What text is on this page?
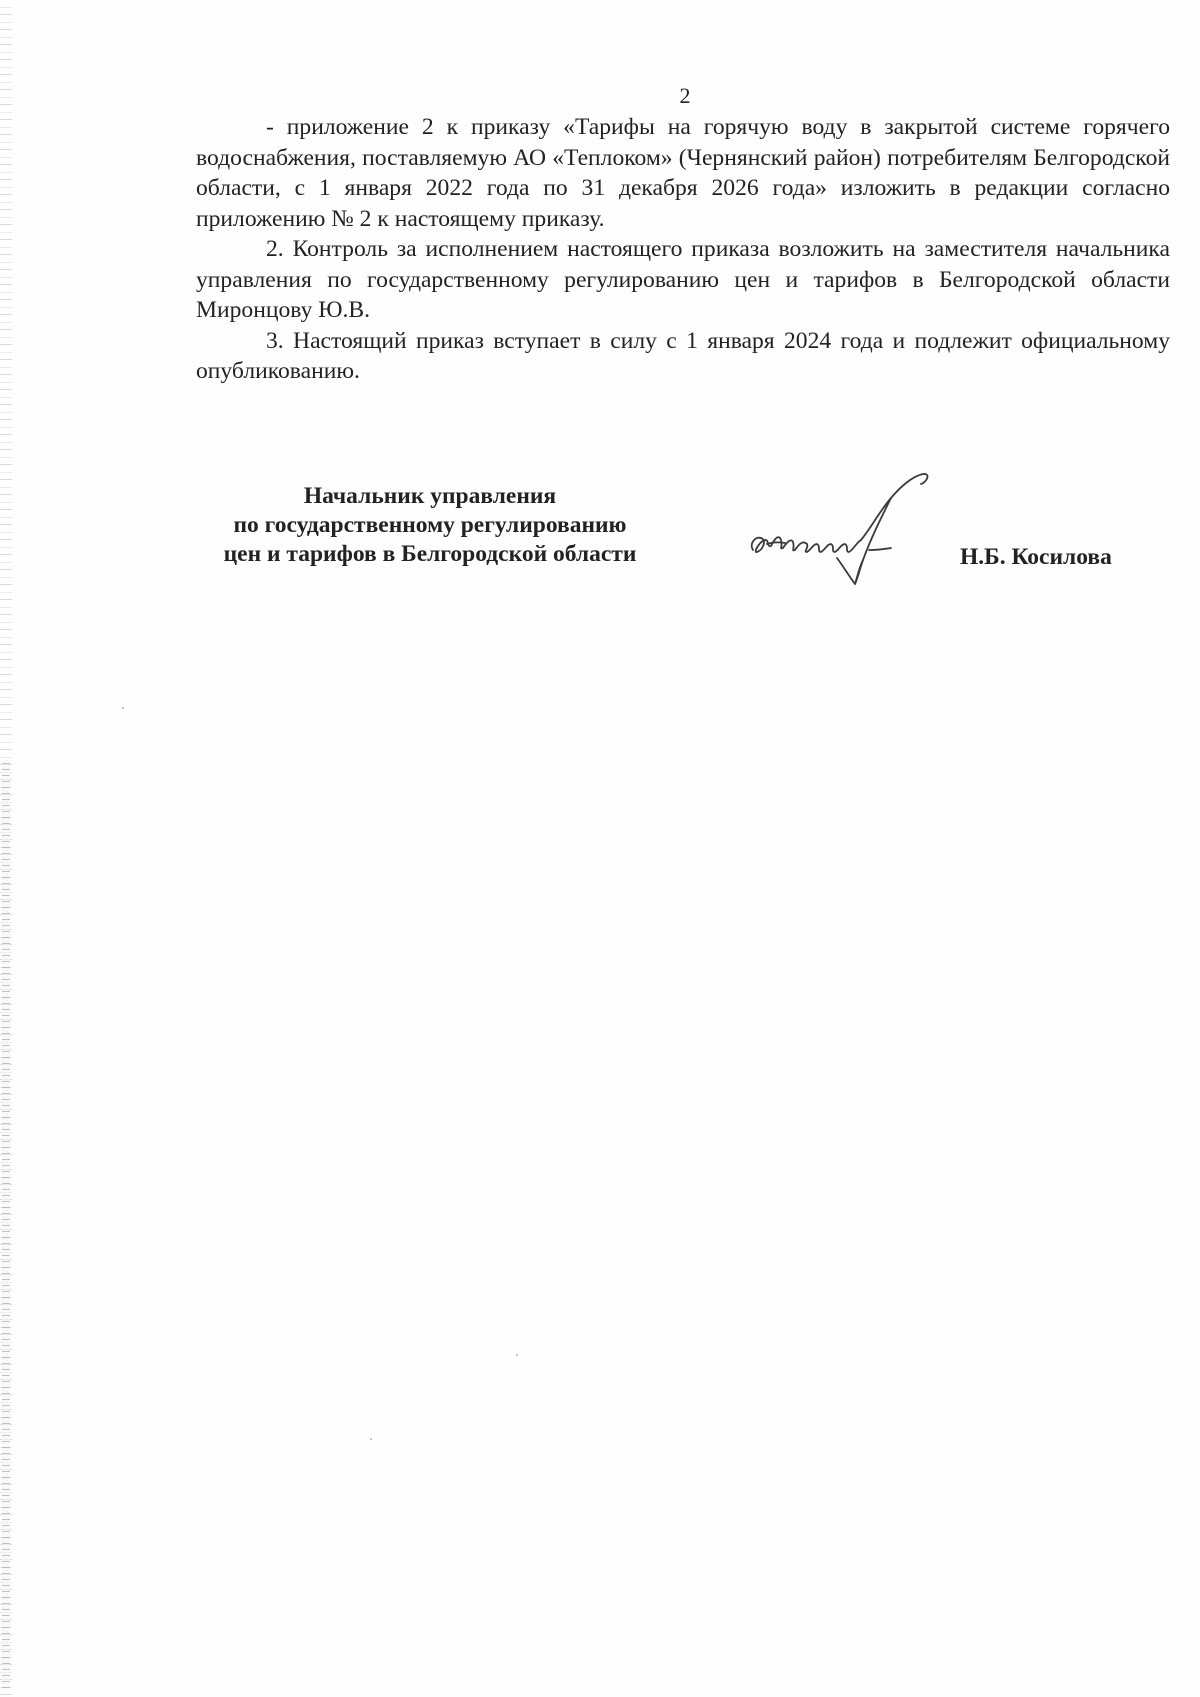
2

- приложение 2 к приказу «Тарифы на горячую воду в закрытой системе горячего водоснабжения, поставляемую АО «Теплоком» (Чернянский район) потребителям Белгородской области, с 1 января 2022 года по 31 декабря 2026 года» изложить в редакции согласно приложению № 2 к настоящему приказу.

2. Контроль за исполнением настоящего приказа возложить на заместителя начальника управления по государственному регулированию цен и тарифов в Белгородской области Миронцову Ю.В.

3. Настоящий приказ вступает в силу с 1 января 2024 года и подлежит официальному опубликованию.

Начальник управления
по государственному регулированию
цен и тарифов в Белгородской области	Н.Б. Косилова
